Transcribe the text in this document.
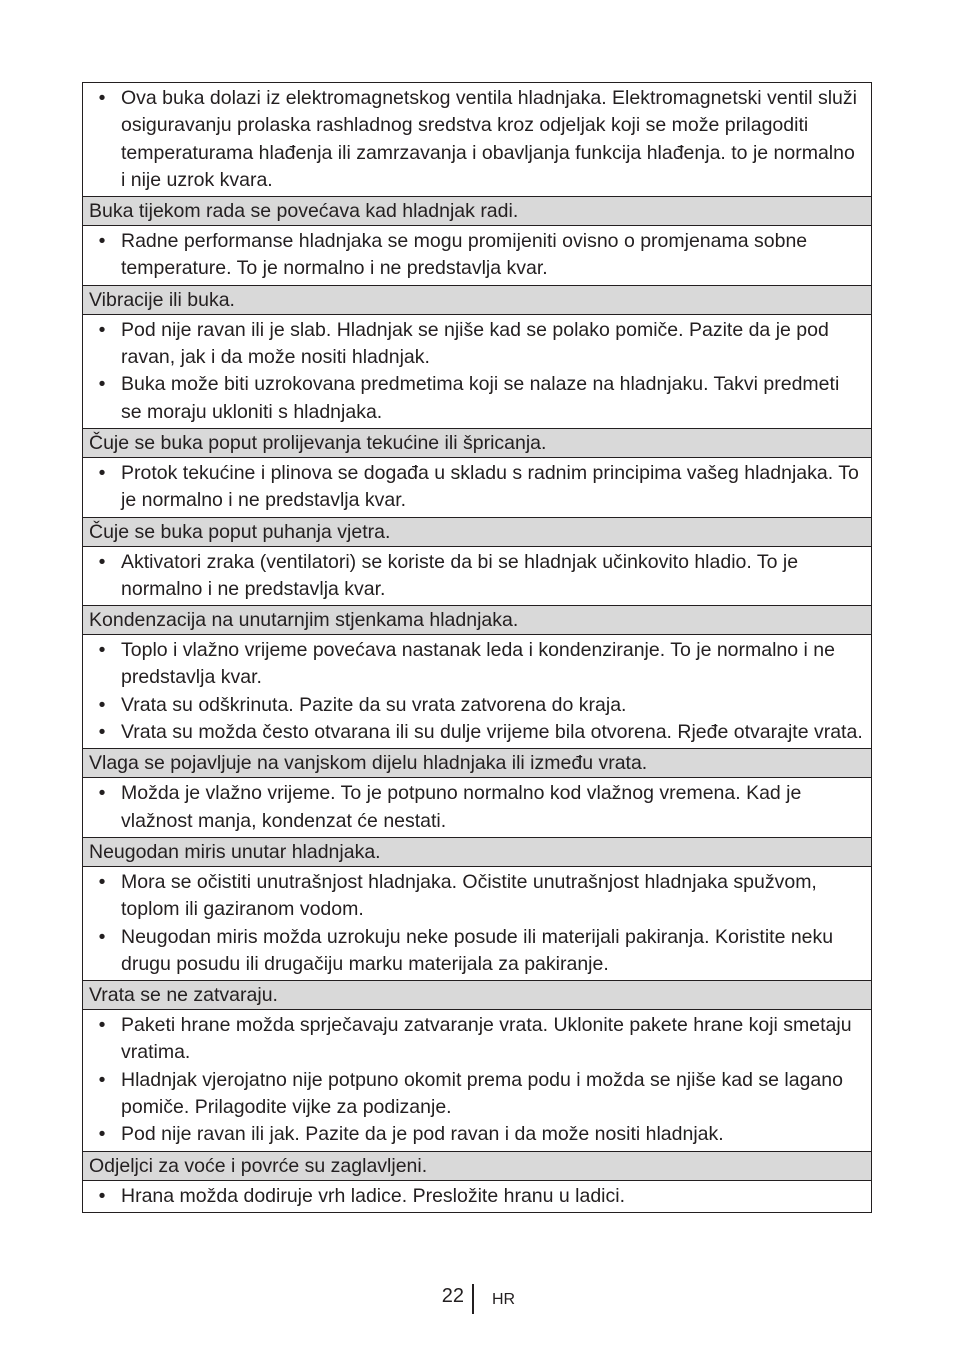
• Ova buka dolazi iz elektromagnetskog ventila hladnjaka. Elektromagnetski ventil služi osiguravanju prolaska rashladnog sredstva kroz odjeljak koji se može prilagoditi temperaturama hlađenja ili zamrzavanja i obavljanja funkcija hlađenja. to je normalno i nije uzrok kvara.
Buka tijekom rada se povećava kad hladnjak radi.
• Radne performanse hladnjaka se mogu promijeniti ovisno o promjenama sobne temperature. To je normalno i ne predstavlja kvar.
Vibracije ili buka.
• Pod nije ravan ili je slab. Hladnjak se njiše kad se polako pomiče. Pazite da je pod ravan, jak i da može nositi hladnjak.
• Buka može biti uzrokovana predmetima koji se nalaze na hladnjaku. Takvi predmeti se moraju ukloniti s hladnjaka.
Čuje se buka poput prolijevanja tekućine ili špricanja.
• Protok tekućine i plinova se događa u skladu s radnim principima vašeg hladnjaka. To je normalno i ne predstavlja kvar.
Čuje se buka poput puhanja vjetra.
• Aktivatori zraka (ventilatori) se koriste da bi se hladnjak učinkovito hladio. To je normalno i ne predstavlja kvar.
Kondenzacija na unutarnjim stjenkama hladnjaka.
• Toplo i vlažno vrijeme povećava nastanak leda i kondenziranje. To je normalno i ne predstavlja kvar.
• Vrata su odškrinuta. Pazite da su vrata zatvorena do kraja.
• Vrata su možda često otvarana ili su dulje vrijeme bila otvorena. Rjeđe otvarajte vrata.
Vlaga se pojavljuje na vanjskom dijelu hladnjaka ili između vrata.
• Možda je vlažno vrijeme. To je potpuno normalno kod vlažnog vremena. Kad je vlažnost manja, kondenzat će nestati.
Neugodan miris unutar hladnjaka.
• Mora se očistiti unutrašnjost hladnjaka. Očistite unutrašnjost hladnjaka spužvom, toplom ili gaziranom vodom.
• Neugodan miris možda uzrokuju neke posude ili materijali pakiranja. Koristite neku drugu posudu ili drugačiju marku materijala za pakiranje.
Vrata se ne zatvaraju.
• Paketi hrane možda sprječavaju zatvaranje vrata. Uklonite pakete hrane koji smetaju vratima.
• Hladnjak vjerojatno nije potpuno okomit prema podu i možda se njiše kad se lagano pomiče. Prilagodite vijke za podizanje.
• Pod nije ravan ili jak. Pazite da je pod ravan i da može nositi hladnjak.
Odjeljci za voće i povrće su zaglavljeni.
• Hrana možda dodiruje vrh ladice. Presložite hranu u ladici.
22 HR
